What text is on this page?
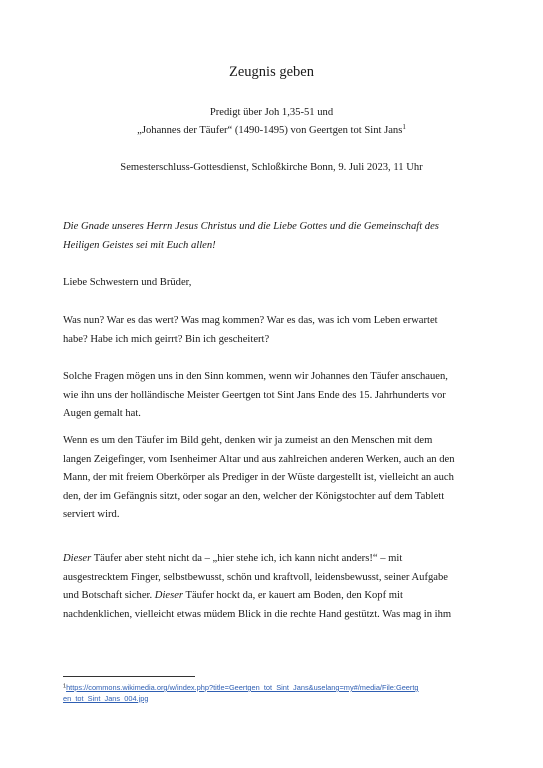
Zeugnis geben
Predigt über Joh 1,35-51 und
„Johannes der Täufer“ (1490-1495) von Geertgen tot Sint Jans$^1$
Semesterschluss-Gottesdienst, Schloßkirche Bonn, 9. Juli 2023, 11 Uhr

Die Gnade unseres Herrn Jesus Christus und die Liebe Gottes und die Gemeinschaft des
Heiligen Geistes sei mit Euch allen!

Liebe Schwestern und Brüder,

Was nun? War es das wert? Was mag kommen? War es das, was ich vom Leben erwartet
habe? Habe ich mich geirrt? Bin ich gescheitert?

Solche Fragen mögen uns in den Sinn kommen, wenn wir Johannes den Täufer anschauen,
wie ihn uns der holländische Meister Geertgen tot Sint Jans Ende des 15. Jahrhunderts vor
Augen gemalt hat.

Wenn es um den Täufer im Bild geht, denken wir ja zumeist an den Menschen mit dem
langen Zeigefinger, vom Isenheimer Altar und aus zahlreichen anderen Werken, auch an den
Mann, der mit freiem Oberkörper als Prediger in der Wüste dargestellt ist, vielleicht an auch
den, der im Gefängnis sitzt, oder sogar an den, welcher der Königstochter auf dem Tablett
serviert wird.

Dieser Täufer aber steht nicht da – „hier stehe ich, ich kann nicht anders!“ – mit
ausgestrecktem Finger, selbstbewusst, schön und kraftvoll, leidensbewusst, seiner Aufgabe
und Botschaft sicher. Dieser Täufer hockt da, er kauert am Boden, den Kopf mit
nachdenklichen, vielleicht etwas müdem Blick in die rechte Hand gestützt. Was mag in ihm

$^1$https://commons.wikimedia.org/w/index.php?title=Geertgen_tot_Sint_Jans&uselang=my#/media/File:Geertg
en_tot_Sint_Jans_004.jpg
